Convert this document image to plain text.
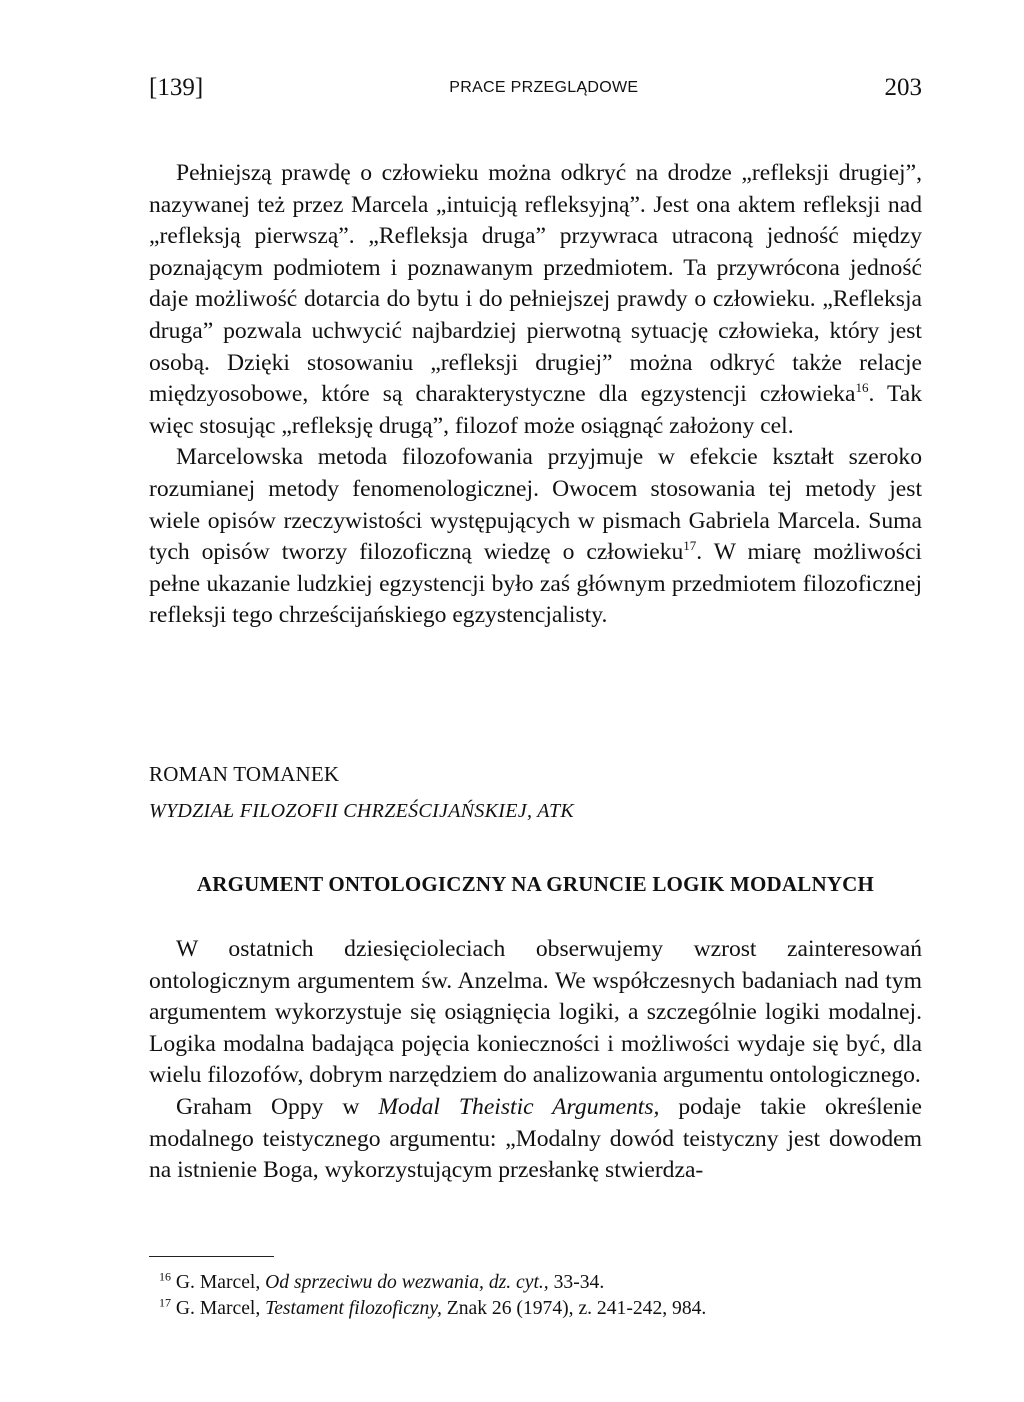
[139]	PRACE PRZEGLĄDOWE	203

Pełniejszą prawdę o człowieku można odkryć na drodze „refleksji drugiej”, nazywanej też przez Marcela „intuicją refleksyjną”. Jest ona aktem refleksji nad „refleksją pierwszą”. „Refleksja druga” przywraca utraconą jedność między poznającym podmiotem i poznawanym przedmiotem. Ta przywrócona jedność daje możliwość dotarcia do bytu i do pełniejszej prawdy o człowieku. „Refleksja druga” pozwala uchwycić najbardziej pierwotną sytuację człowieka, który jest osobą. Dzięki stosowaniu „refleksji drugiej” można odkryć także relacje międzyosobowe, które są charakterystyczne dla egzystencji człowieka$^{16}$. Tak więc stosując „refleksję drugą”, filozof może osiągnąć założony cel.

Marcelowska metoda filozofowania przyjmuje w efekcie kształt szeroko rozumianej metody fenomenologicznej. Owocem stosowania tej metody jest wiele opisów rzeczywistości występujących w pismach Gabriela Marcela. Suma tych opisów tworzy filozoficzną wiedzę o człowieku$^{17}$. W miarę możliwości pełne ukazanie ludzkiej egzystencji było zaś głównym przedmiotem filozoficznej refleksji tego chrześcijańskiego egzystencjalisty.

ROMAN TOMANEK
WYDZIAŁ FILOZOFII CHRZEŚCIJAŃSKIEJ, ATK
ARGUMENT ONTOLOGICZNY NA GRUNCIE LOGIK MODALNYCH

W ostatnich dziesięcioleciach obserwujemy wzrost zainteresowań ontologicznym argumentem św. Anzelma. We współczesnych badaniach nad tym argumentem wykorzystuje się osiągnięcia logiki, a szczególnie logiki modalnej. Logika modalna badająca pojęcia konieczności i możliwości wydaje się być, dla wielu filozofów, dobrym narzędziem do analizowania argumentu ontologicznego.

Graham Oppy w Modal Theistic Arguments, podaje takie określenie modalnego teistycznego argumentu: „Modalny dowód teistyczny jest dowodem na istnienie Boga, wykorzystującym przesłankę stwierdza-

$^{16}$ G. Marcel, Od sprzeciwu do wezwania, dz. cyt., 33-34.

$^{17}$ G. Marcel, Testament filozoficzny, Znak 26 (1974), z. 241-242, 984.
